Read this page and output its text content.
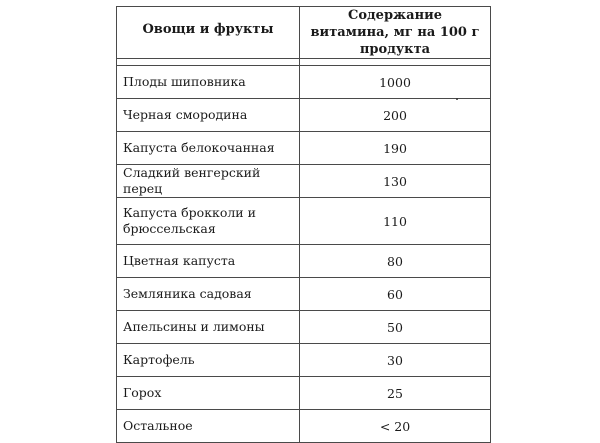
Овощи и фрукты	Содержание витамина, мг на 100 г продукта

Плоды шиповника	1000
Черная смородина	200
Капуста белокочанная	190
Сладкий венгерский перец	130
Капуста брокколи и брюссельская	110
Цветная капуста	80
Земляника садовая	60
Апельсины и лимоны	50
Картофель	30
Горох	25
Остальное	< 20
